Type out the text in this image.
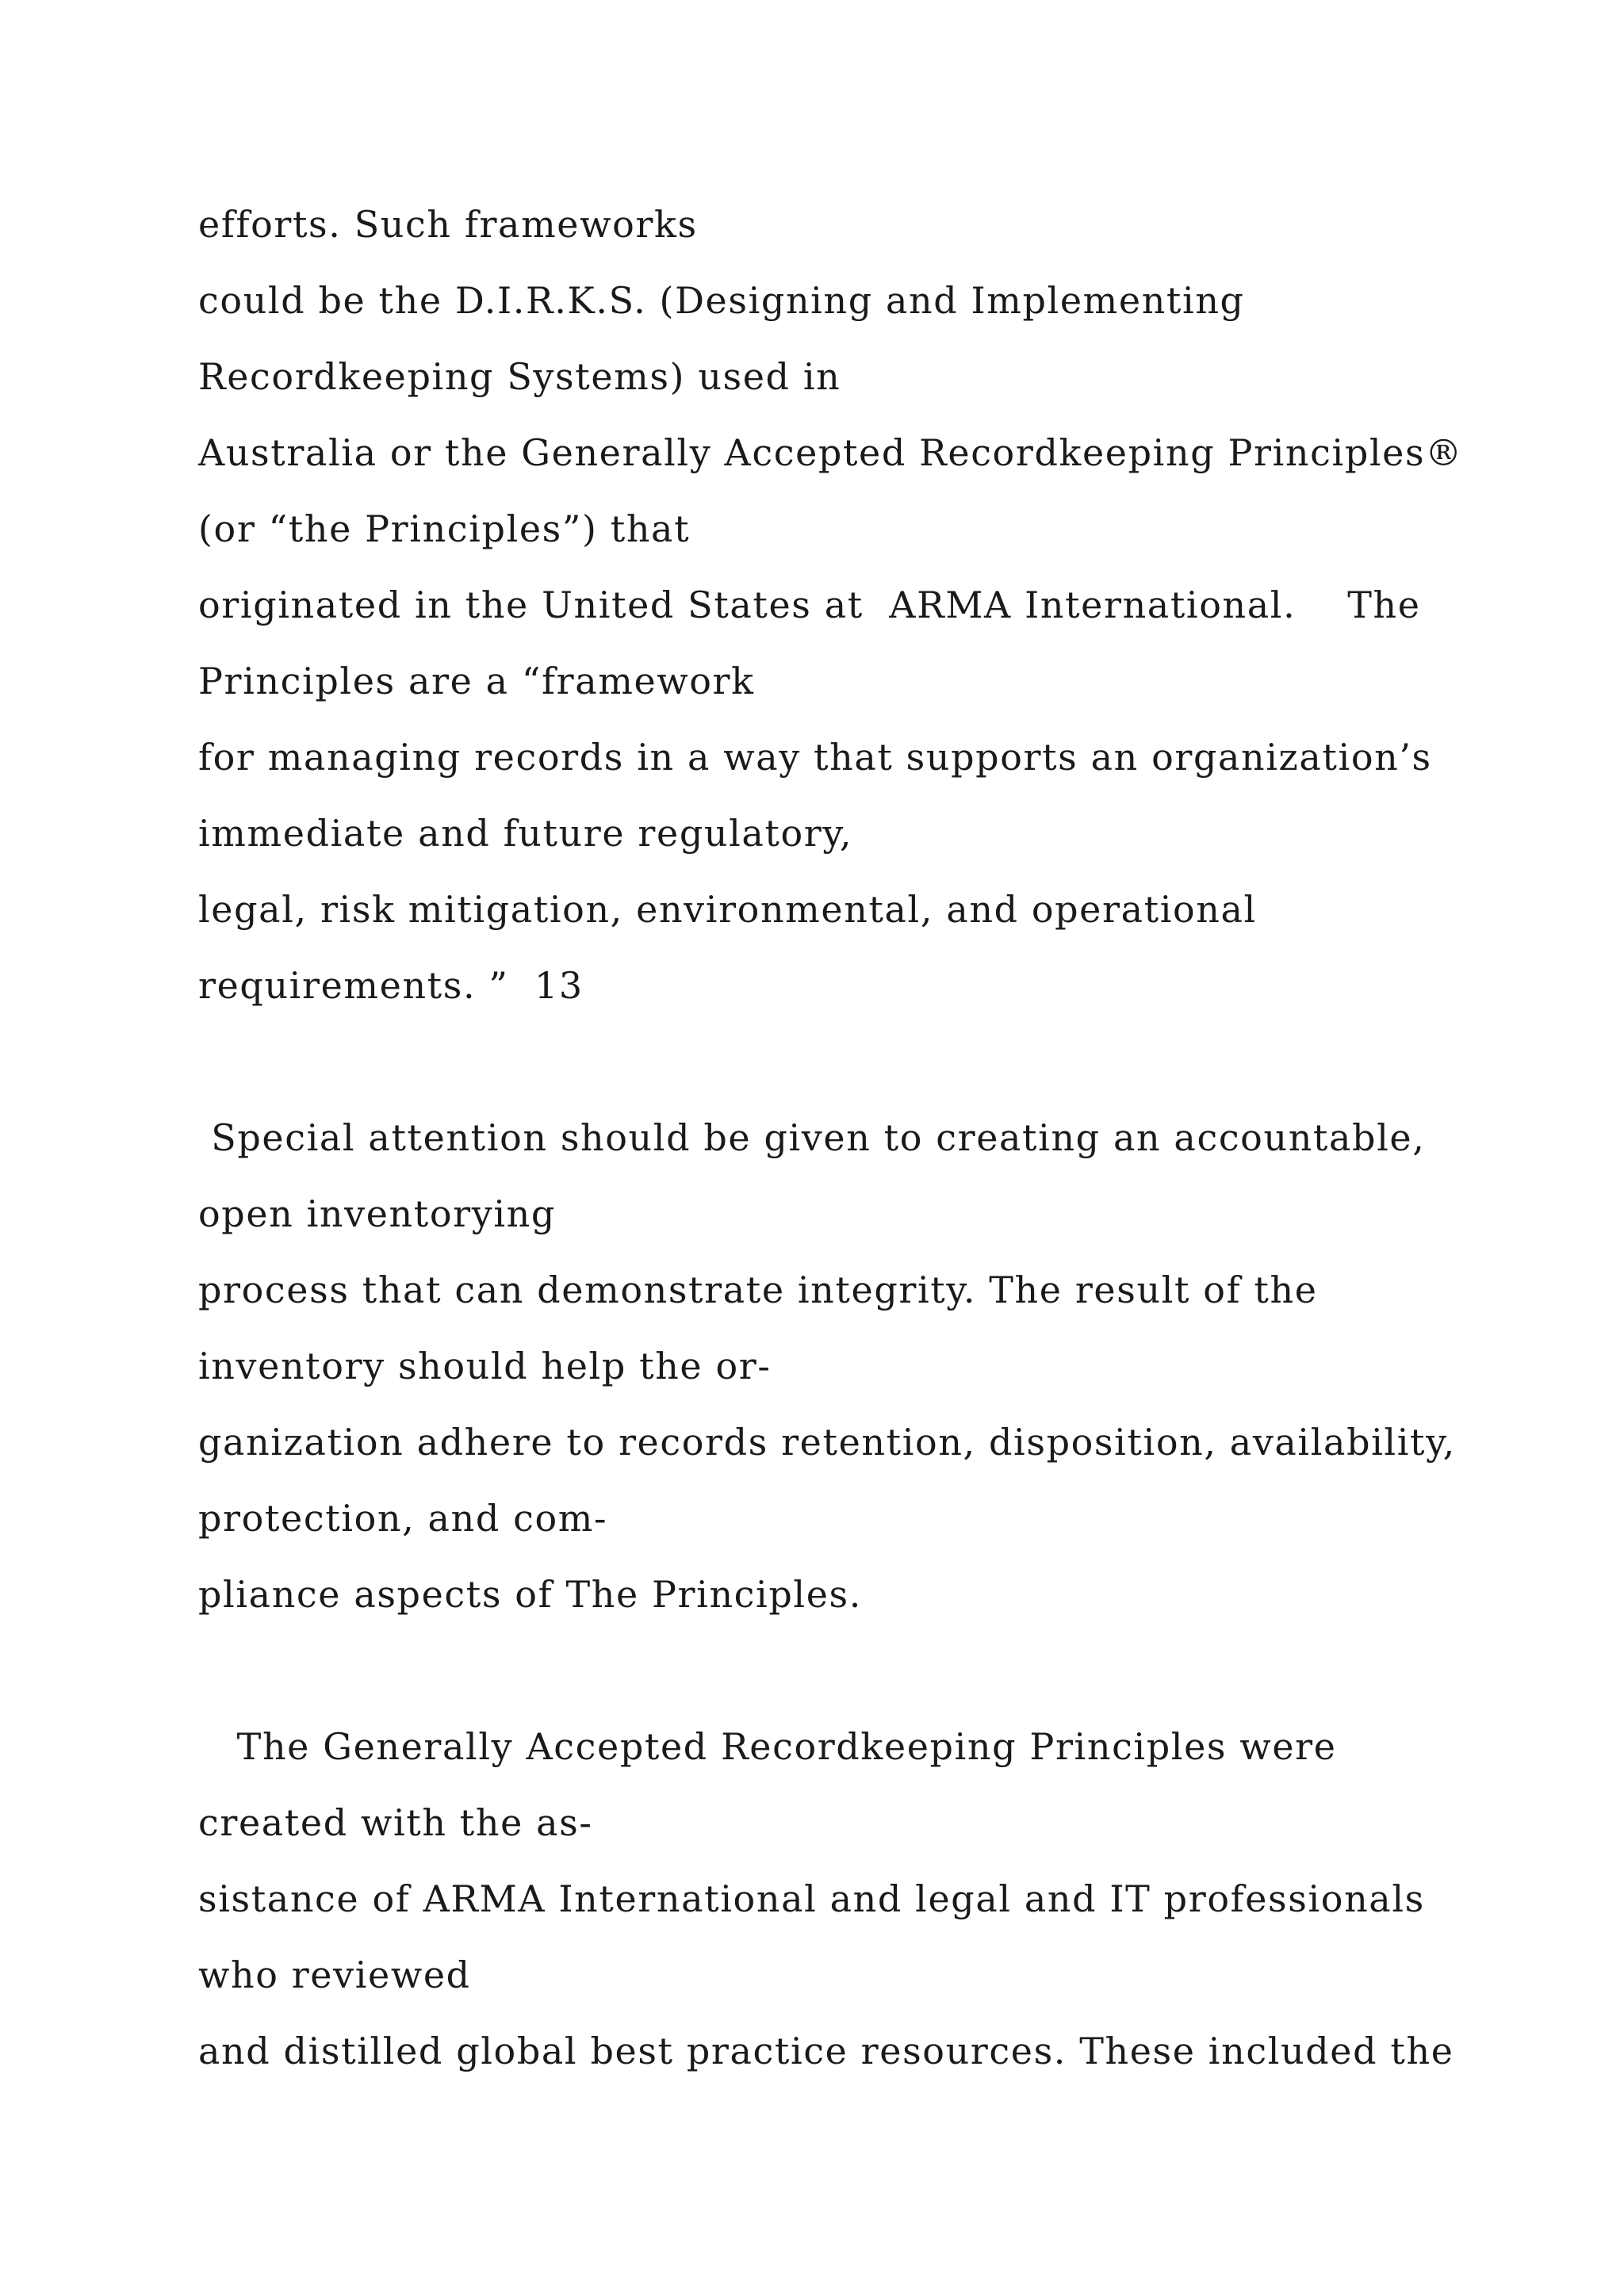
efforts. Such frameworks

could be the D.I.R.K.S. (Designing and Implementing

Recordkeeping Systems) used in

Australia or the Generally Accepted Recordkeeping Principles®

(or “the Principles”) that

originated in the United States at  ARMA International.    The

Principles are a “framework

for managing records in a way that supports an organization’s

immediate and future regulatory,

legal, risk mitigation, environmental, and operational

requirements. ”  13

Special attention should be given to creating an accountable,

open inventorying

process that can demonstrate integrity. The result of the

inventory should help the or-

ganization adhere to records retention, disposition, availability,

protection, and com-

pliance aspects of The Principles.

The Generally Accepted Recordkeeping Principles were

created with the as-

sistance of ARMA International and legal and IT professionals

who reviewed

and distilled global best practice resources. These included the
